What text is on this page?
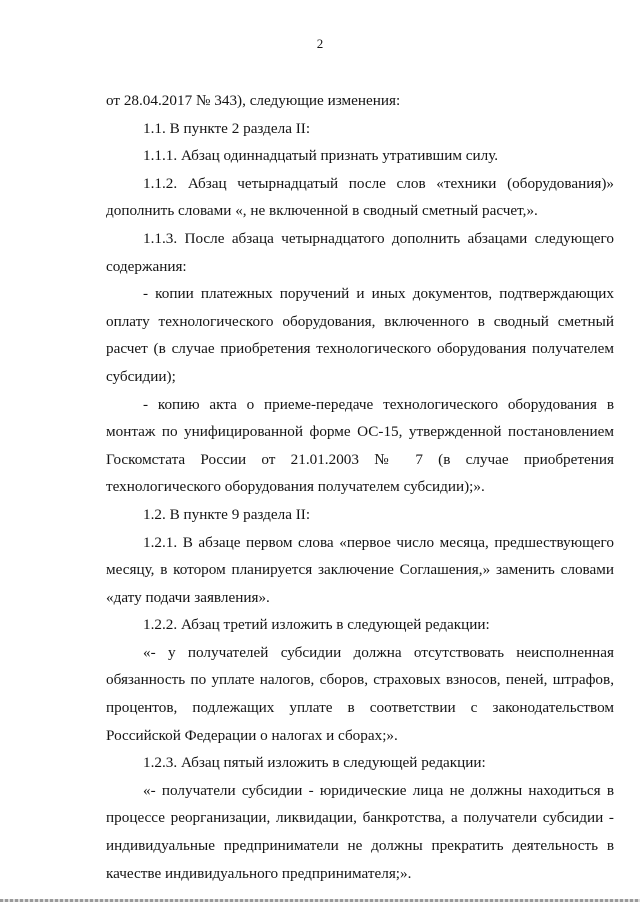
2

от 28.04.2017 № 343), следующие изменения:

1.1. В пункте 2 раздела II:

1.1.1. Абзац одиннадцатый признать утратившим силу.

1.1.2. Абзац четырнадцатый после слов «техники (оборудования)» дополнить словами «, не включенной в сводный сметный расчет,».

1.1.3. После абзаца четырнадцатого дополнить абзацами следующего содержания:

- копии платежных поручений и иных документов, подтверждающих оплату технологического оборудования, включенного в сводный сметный расчет (в случае приобретения технологического оборудования получателем субсидии);

- копию акта о приеме-передаче технологического оборудования в монтаж по унифицированной форме ОС-15, утвержденной постановлением Госкомстата России от 21.01.2003 № 7 (в случае приобретения технологического оборудования получателем субсидии);».

1.2. В пункте 9 раздела II:

1.2.1. В абзаце первом слова «первое число месяца, предшествующего месяцу, в котором планируется заключение Соглашения,» заменить словами «дату подачи заявления».

1.2.2. Абзац третий изложить в следующей редакции:

«- у получателей субсидии должна отсутствовать неисполненная обязанность по уплате налогов, сборов, страховых взносов, пеней, штрафов, процентов, подлежащих уплате в соответствии с законодательством Российской Федерации о налогах и сборах;».

1.2.3. Абзац пятый изложить в следующей редакции:

«- получатели субсидии - юридические лица не должны находиться в процессе реорганизации, ликвидации, банкротства, а получатели субсидии - индивидуальные предприниматели не должны прекратить деятельность в качестве индивидуального предпринимателя;».
